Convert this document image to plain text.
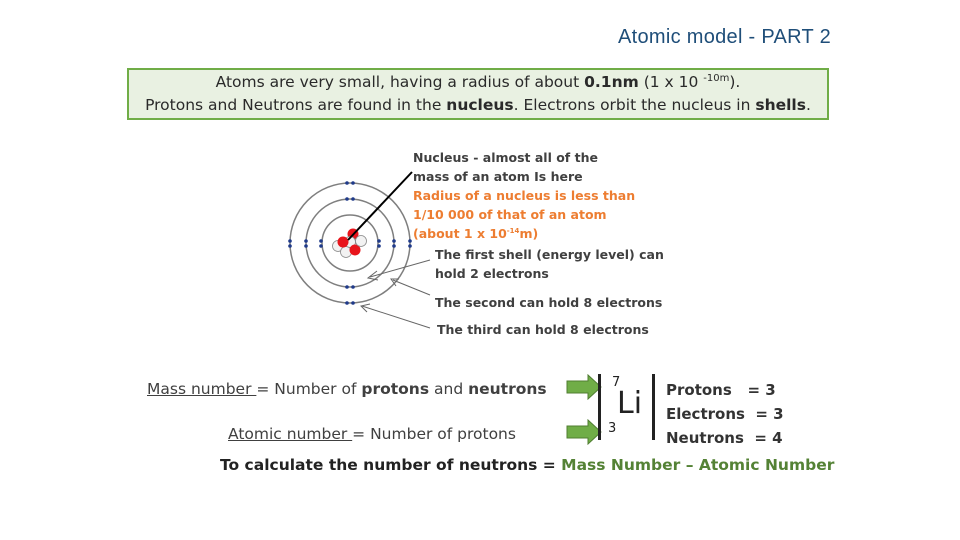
Atomic model - PART 2
Atoms are very small, having a radius of about 0.1nm (1 x 10 $^{-10m}$).
Protons and Neutrons are found in the nucleus. Electrons orbit the nucleus in shells.
Nucleus - almost all of the
mass of an atom Is here
Radius of a nucleus is less than
1/10 000 of that of an atom
(about 1 x $10^{-14}m$)
The first shell (energy level) can
hold 2 electrons
The second can hold 8 electrons
The third can hold 8 electrons
Mass number = Number of protons and neutrons
Atomic number = Number of protons
7
Li
3
Protons   = 3
Electrons  = 3
Neutrons  = 4
To calculate the number of neutrons = Mass Number – Atomic Number
